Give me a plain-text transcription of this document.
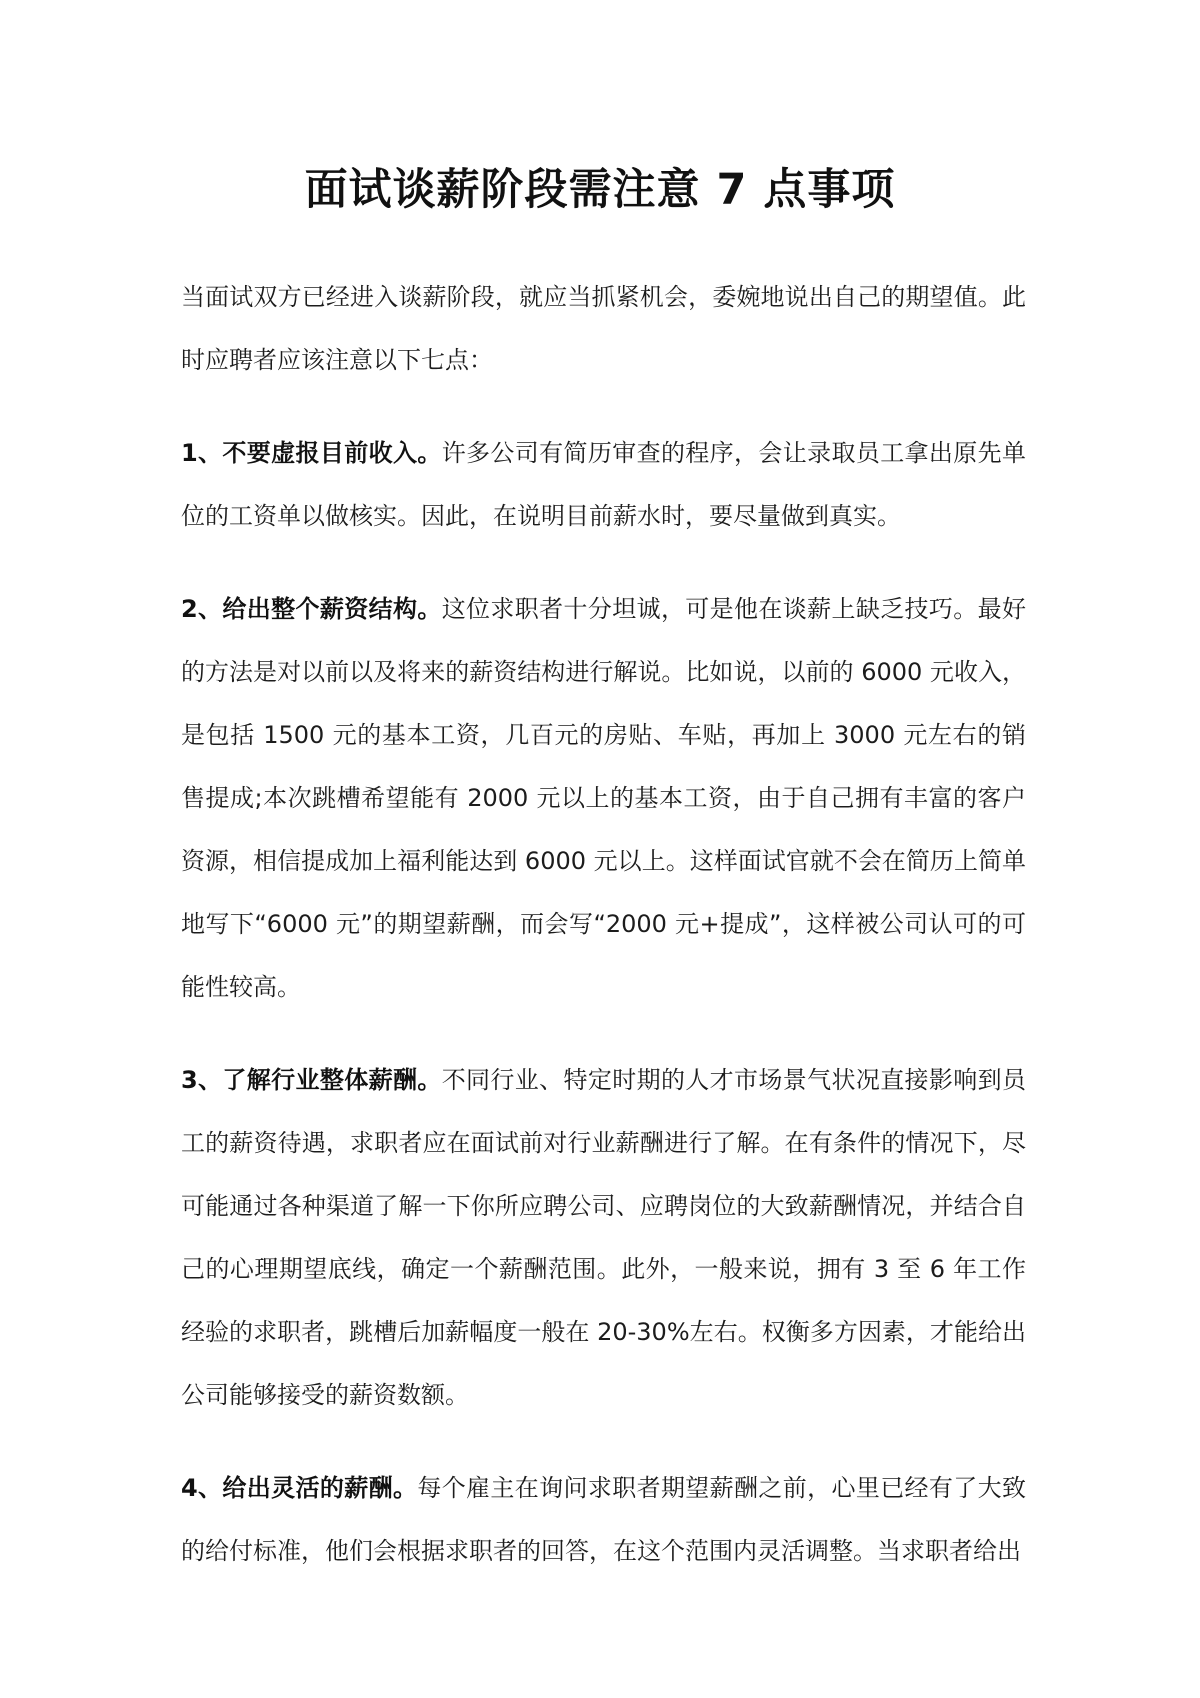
面试谈薪阶段需注意 7 点事项

当面试双方已经进入谈薪阶段，就应当抓紧机会，委婉地说出自己的期望值。此时应聘者应该注意以下七点：

1、不要虚报目前收入。许多公司有简历审查的程序，会让录取员工拿出原先单位的工资单以做核实。因此，在说明目前薪水时，要尽量做到真实。

2、给出整个薪资结构。这位求职者十分坦诚，可是他在谈薪上缺乏技巧。最好的方法是对以前以及将来的薪资结构进行解说。比如说，以前的 6000 元收入，是包括 1500 元的基本工资，几百元的房贴、车贴，再加上 3000 元左右的销售提成;本次跳槽希望能有 2000 元以上的基本工资，由于自己拥有丰富的客户资源，相信提成加上福利能达到 6000 元以上。这样面试官就不会在简历上简单地写下“6000 元”的期望薪酬，而会写“2000 元+提成”，这样被公司认可的可能性较高。

3、了解行业整体薪酬。不同行业、特定时期的人才市场景气状况直接影响到员工的薪资待遇，求职者应在面试前对行业薪酬进行了解。在有条件的情况下，尽可能通过各种渠道了解一下你所应聘公司、应聘岗位的大致薪酬情况，并结合自己的心理期望底线，确定一个薪酬范围。此外，一般来说，拥有 3 至 6 年工作经验的求职者，跳槽后加薪幅度一般在 20-30%左右。权衡多方因素，才能给出公司能够接受的薪资数额。

4、给出灵活的薪酬。每个雇主在询问求职者期望薪酬之前，心里已经有了大致的给付标准，他们会根据求职者的回答，在这个范围内灵活调整。当求职者给出
